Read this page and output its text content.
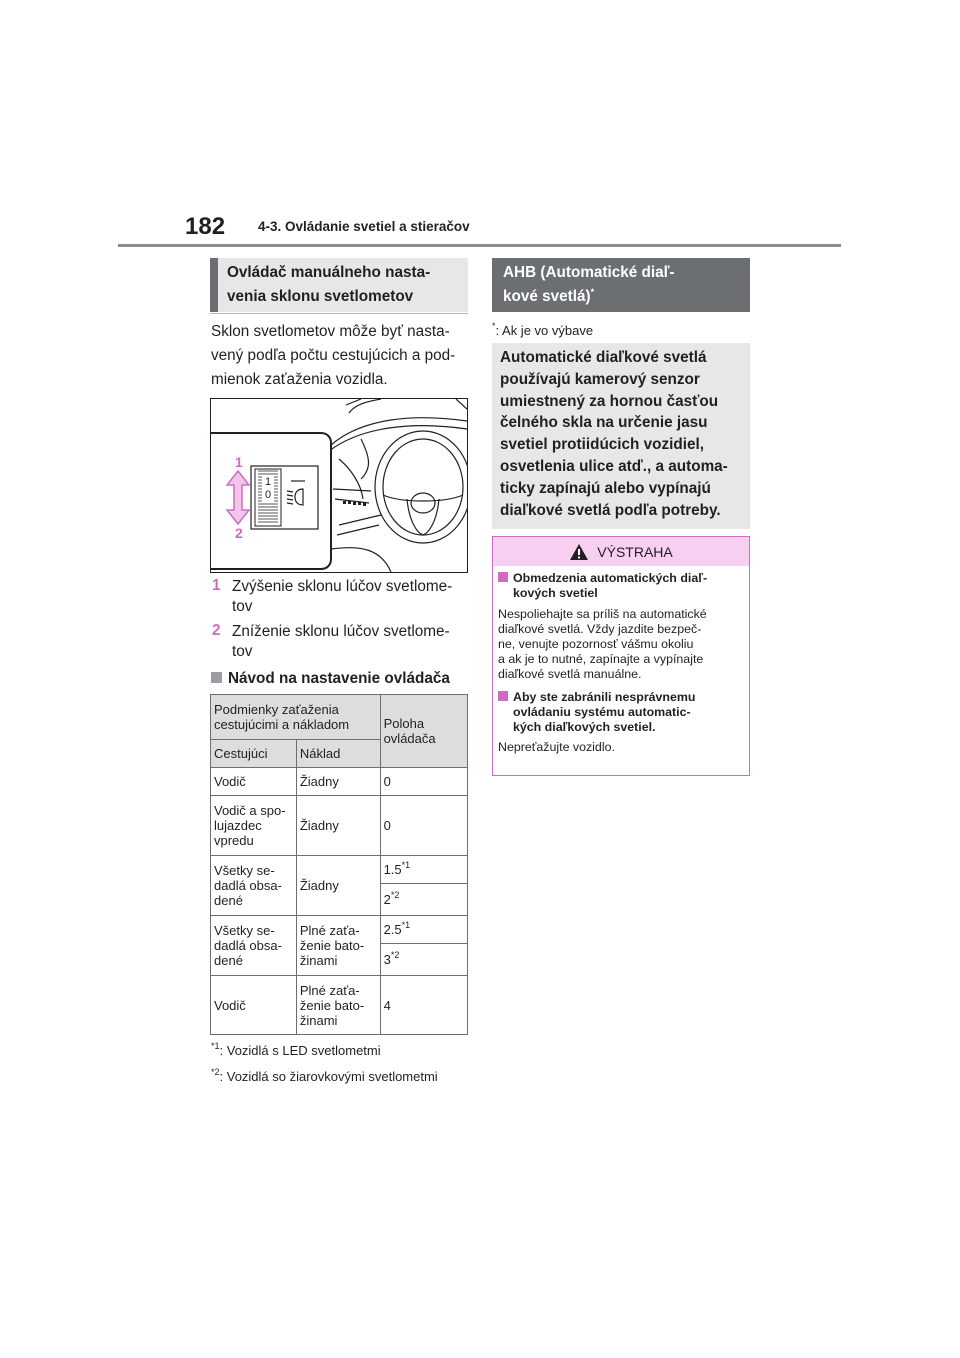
182 4-3. Ovládanie svetiel a stieračov
Ovládač manuálneho nasta-
venia sklonu svetlometov
Sklon svetlometov môže byť nasta-
vený podľa počtu cestujúcich a pod-
mienok zaťaženia vozidla.
1
2
1
0
1 Zvýšenie sklonu lúčov svetlome-
tov
2 Zníženie sklonu lúčov svetlome-
tov
Návod na nastavenie ovládača
Podmienky zaťaženia
cestujúcimi a nákladom		Poloha
ovládača

Cestujúci	Náklad	

Vodič	Žiadny	0

Vodič a spo-
lujazdec
vpredu	Žiadny	0

Všetky se-
dadlá obsa-
dené	Žiadny	1.5$^{*1}$
		2$^{*2}$

Všetky se-
dadlá obsa-
dené	Plné zaťa-
ženie bato-
žinami	2.5$^{*1}$
		3$^{*2}$

Vodič	Plné zaťa-
ženie bato-
žinami	4
$^{*1}$: Vozidlá s LED svetlometmi
$^{*2}$: Vozidlá so žiarovkovými svetlometmi
AHB (Automatické diaľ-
kové svetlá)*
*: Ak je vo výbave
Automatické diaľkové svetlá
používajú kamerový senzor
umiestnený za hornou časťou
čelného skla na určenie jasu
svetiel protiidúcich vozidiel,
osvetlenia ulice atď., a automa-
ticky zapínajú alebo vypínajú
diaľkové svetlá podľa potreby.
VÝSTRAHA
Obmedzenia automatických diaľ-
kových svetiel
Nespoliehajte sa príliš na automatické
diaľkové svetlá. Vždy jazdite bezpeč-
ne, venujte pozornosť vášmu okoliu
a ak je to nutné, zapínajte a vypínajte
diaľkové svetlá manuálne.
Aby ste zabránili nesprávnemu
ovládaniu systému automatic-
kých diaľkových svetiel.
Nepreťažujte vozidlo.
